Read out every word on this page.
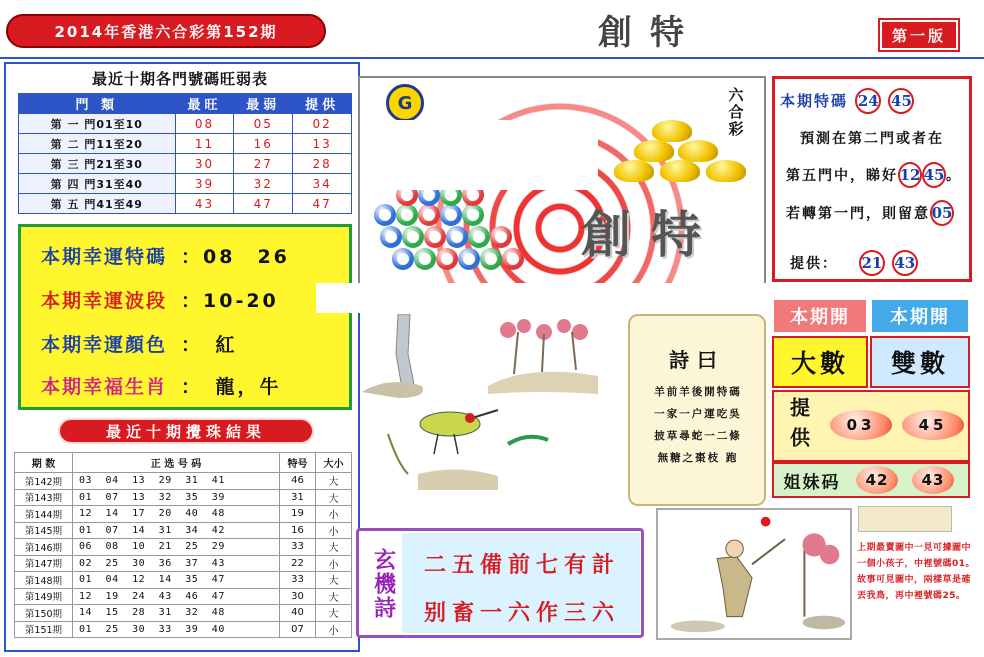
2014年香港六合彩第152期	創特	第一版
最近十期各門號碼旺弱表
門 類	最旺	最弱	提供
第 一 門01至10	08	05	02
第 二 門11至20	11	16	13
第 三 門21至30	30	27	28
第 四 門31至40	39	32	34
第 五 門41至49	43	47	47
本期幸運特碼 ：08　26
本期幸運波段 ：10-20
本期幸運顏色 ：　紅
本期幸福生肖 ：　龍，牛
最近十期攪珠結果
期 数	正 选 号 码	特号	大小
第142期	03 04 13 29 31 41	46	大
第143期	01 07 13 32 35 39	31	大
第144期	12 14 17 20 40 48	19	小
第145期	01 07 14 31 34 42	16	小
第146期	06 08 10 21 25 29	33	大
第147期	02 25 30 36 37 43	22	小
第148期	01 04 12 14 35 47	33	大
第149期	12 19 24 43 46 47	30	大
第150期	14 15 28 31 32 48	40	大
第151期	01 25 30 33 39 40	07	小
G	六合彩
創特
詩曰
羊前羊後開特碼
一家一户運吃吳
披草尋蛇一二條
無糖之棗枝 跑
本期特碼 24 45
預測在第二門或者在
第五門中，睇好 12 45 。
若轉第一門，則留意 05
提供： 21 43
本期開	本期開
大數	雙數
提供	03	45
姐妹码	42	43
玄機詩	二五備前七有計
别畜一六作三六
上期最賣圖中一見可據圖中一個小孩子，中裡號碼01。故事可見圖中，兩樣草是確丟我鳥，再中裡號碼25。
